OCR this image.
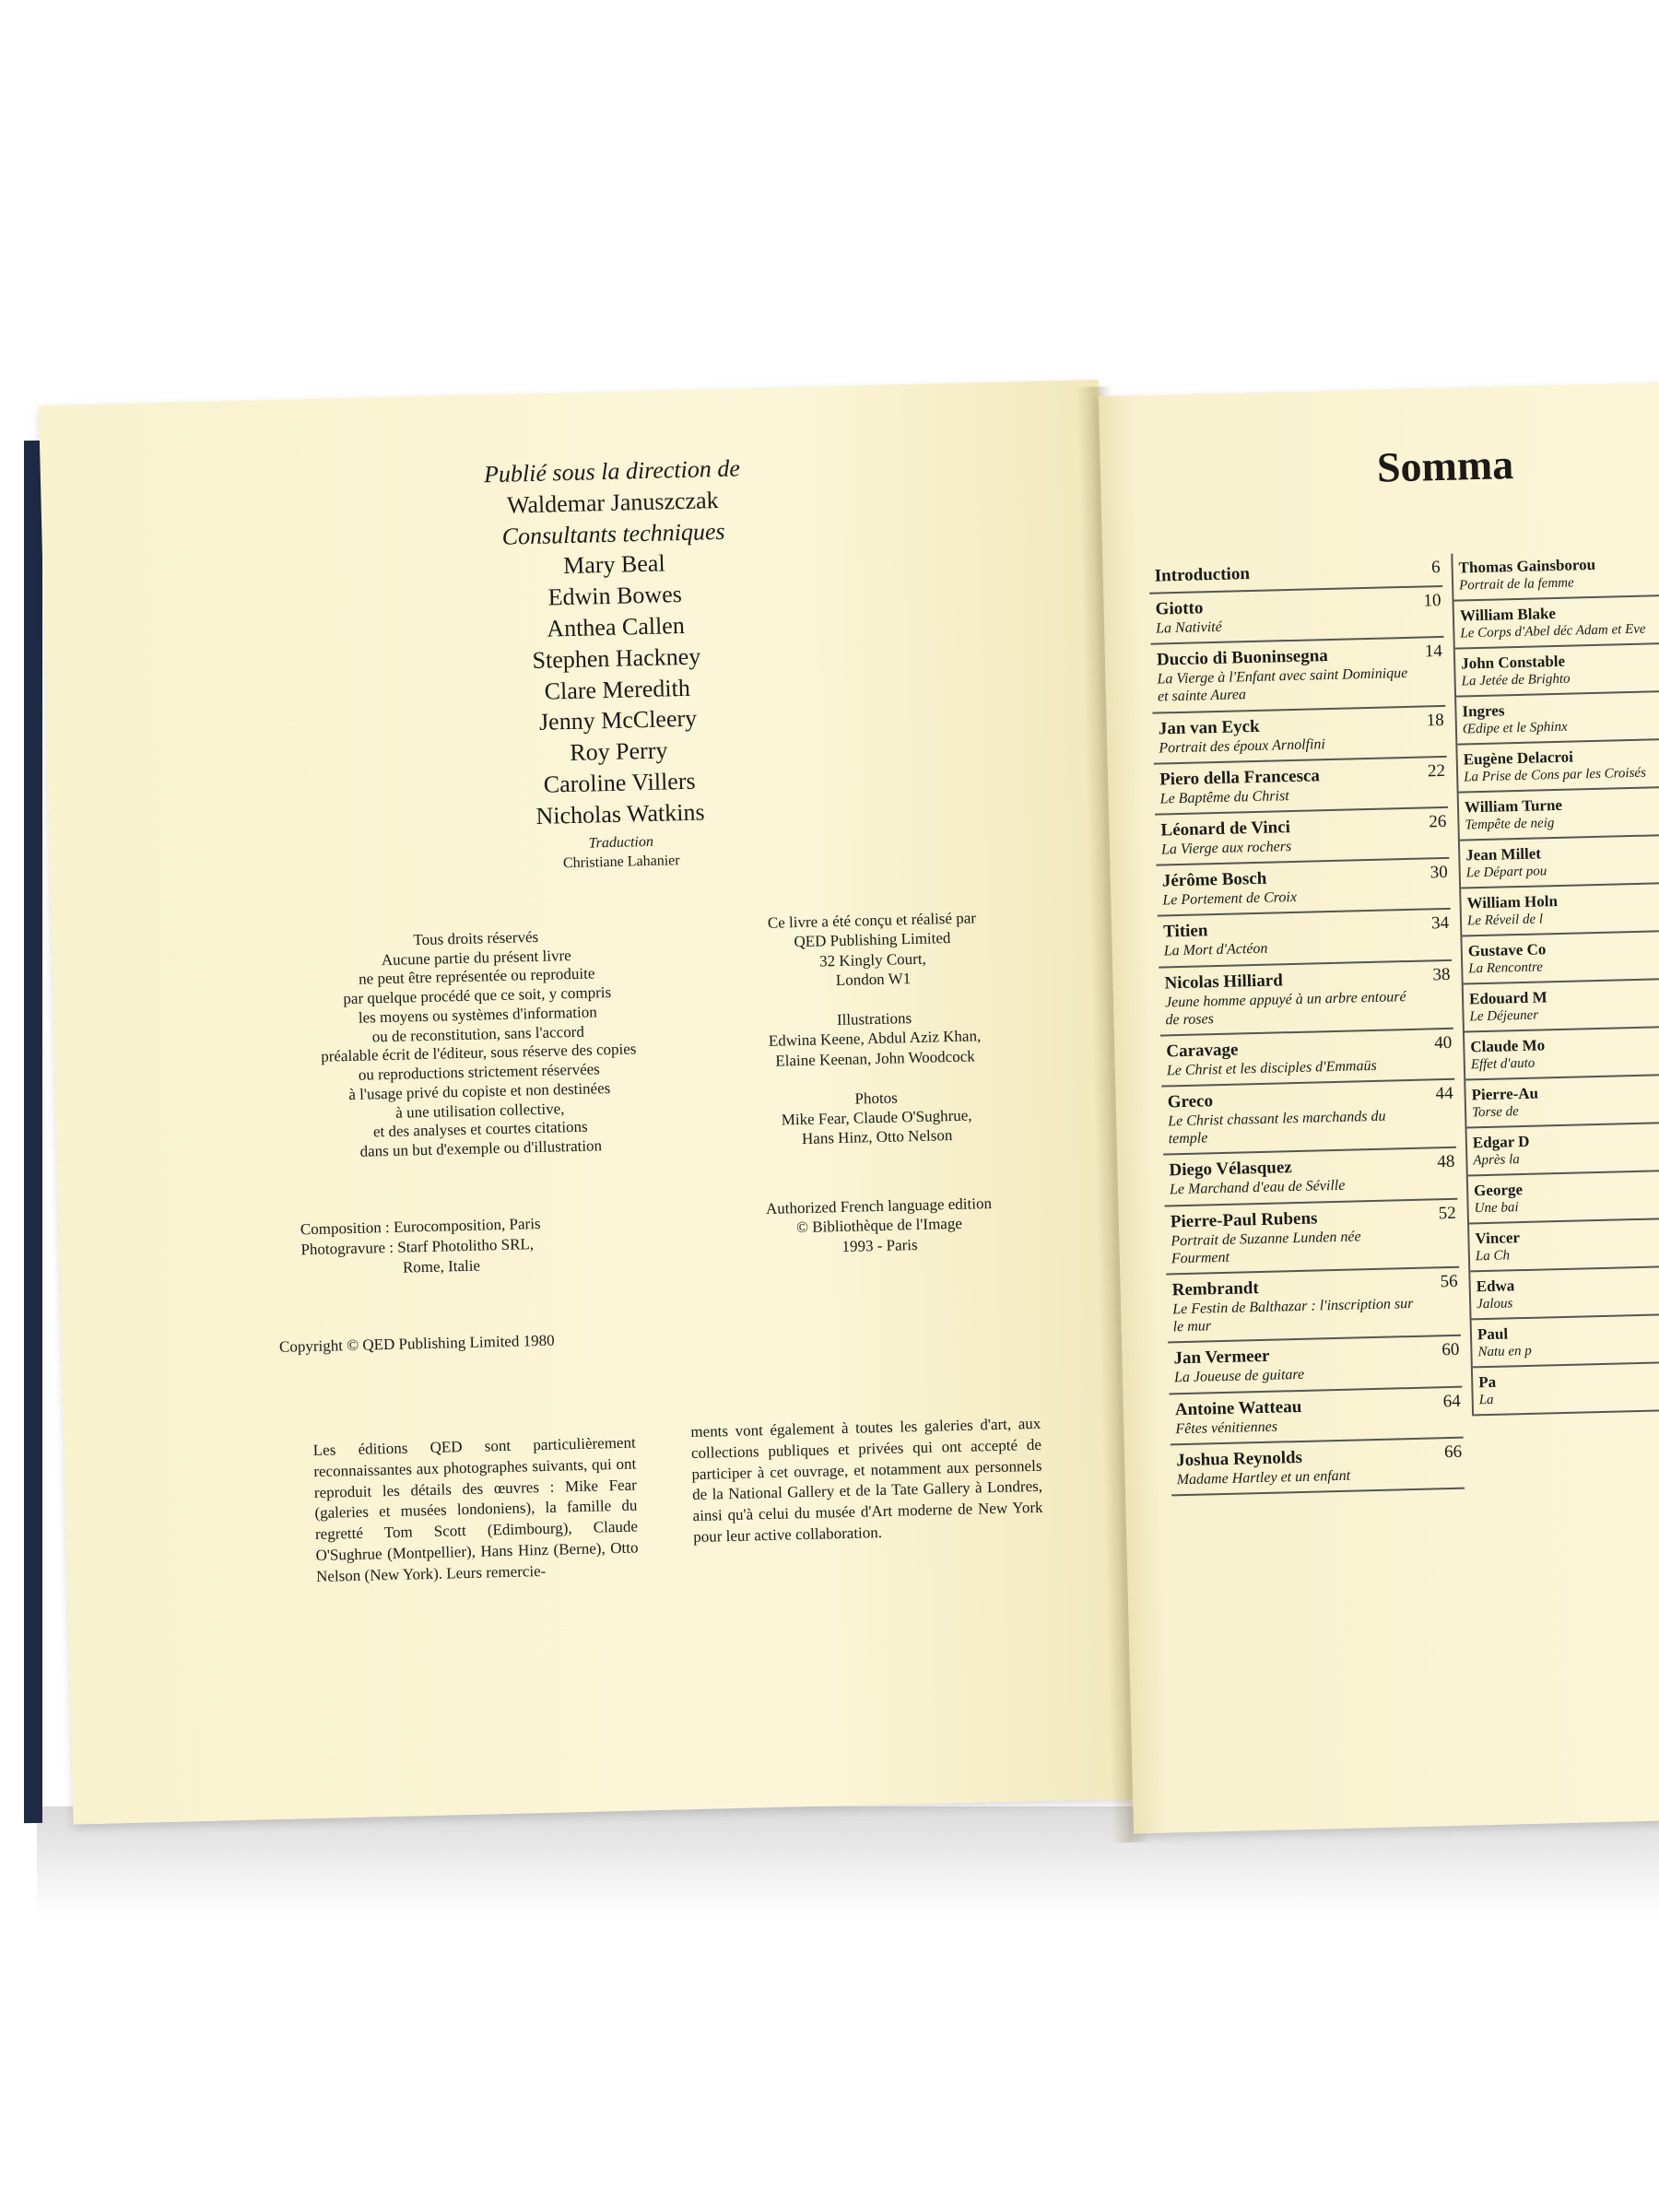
Publié sous la direction de
Waldemar Januszczak
Consultants techniques
Mary Beal
Edwin Bowes
Anthea Callen
Stephen Hackney
Clare Meredith
Jenny McCleery
Roy Perry
Caroline Villers
Nicholas Watkins
Traduction
Christiane Lahanier
Tous droits réservés
Aucune partie du présent livre
ne peut être représentée ou reproduite
par quelque procédé que ce soit, y compris
les moyens ou systèmes d'information
ou de reconstitution, sans l'accord
préalable écrit de l'éditeur, sous réserve des copies
ou reproductions strictement réservées
à l'usage privé du copiste et non destinées
à une utilisation collective,
et des analyses et courtes citations
dans un but d'exemple ou d'illustration
Ce livre a été conçu et réalisé par
QED Publishing Limited
32 Kingly Court,
London W1
Illustrations
Edwina Keene, Abdul Aziz Khan,
Elaine Keenan, John Woodcock
Photos
Mike Fear, Claude O'Sughrue,
Hans Hinz, Otto Nelson
Composition : Eurocomposition, Paris
Photogravure : Starf Photolitho SRL,
Rome, Italie
Authorized French language edition
© Bibliothèque de l'Image
1993 - Paris
Copyright © QED Publishing Limited 1980
Les éditions QED sont particulièrement reconnaissantes aux photographes suivants, qui ont reproduit les détails des œuvres : Mike Fear (galeries et musées londoniens), la famille du regretté Tom Scott (Edimbourg), Claude O'Sughrue (Montpellier), Hans Hinz (Berne), Otto Nelson (New York). Leurs remercie-
ments vont également à toutes les galeries d'art, aux collections publiques et privées qui ont accepté de participer à cet ouvrage, et notamment aux personnels de la National Gallery et de la Tate Gallery à Londres, ainsi qu'à celui du musée d'Art moderne de New York pour leur active collaboration.
Somma
Introduction	6
Giotto
La Nativité
10
Duccio di Buoninsegna
La Vierge à l'Enfant avec saint Dominique et sainte Aurea
14
Jan van Eyck
Portrait des époux Arnolfini
18
Piero della Francesca
Le Baptême du Christ
22
Léonard de Vinci
La Vierge aux rochers
26
Jérôme Bosch
Le Portement de Croix
30
Titien
La Mort d'Actéon
34
Nicolas Hilliard
Jeune homme appuyé à un arbre entouré de roses
38
Caravage
Le Christ et les disciples d'Emmaüs
40
Greco
Le Christ chassant les marchands du temple
44
Diego Vélasquez
Le Marchand d'eau de Séville
48
Pierre-Paul Rubens
Portrait de Suzanne Lunden née Fourment
52
Rembrandt
Le Festin de Balthazar : l'inscription sur le mur
56
Jan Vermeer
La Joueuse de guitare
60
Antoine Watteau
Fêtes vénitiennes
64
Joshua Reynolds
Madame Hartley et un enfant
66
Thomas Gainsborou
Portrait de la femme
William Blake
Le Corps d'Abel déc Adam et Eve
John Constable
La Jetée de Brighto
Ingres
Œdipe et le Sphinx
Eugène Delacroi
La Prise de Cons par les Croisés
William Turne
Tempête de neig
Jean Millet
Le Départ pou
William Holn
Le Réveil de l
Gustave Co
La Rencontre
Edouard M
Le Déjeuner
Claude Mo
Effet d'auto
Pierre-Au
Torse de
Edgar D
Après la
George
Une bai
Vincer
La Ch
Edwa
Jalous
Paul
Natu en p
Pa
La
